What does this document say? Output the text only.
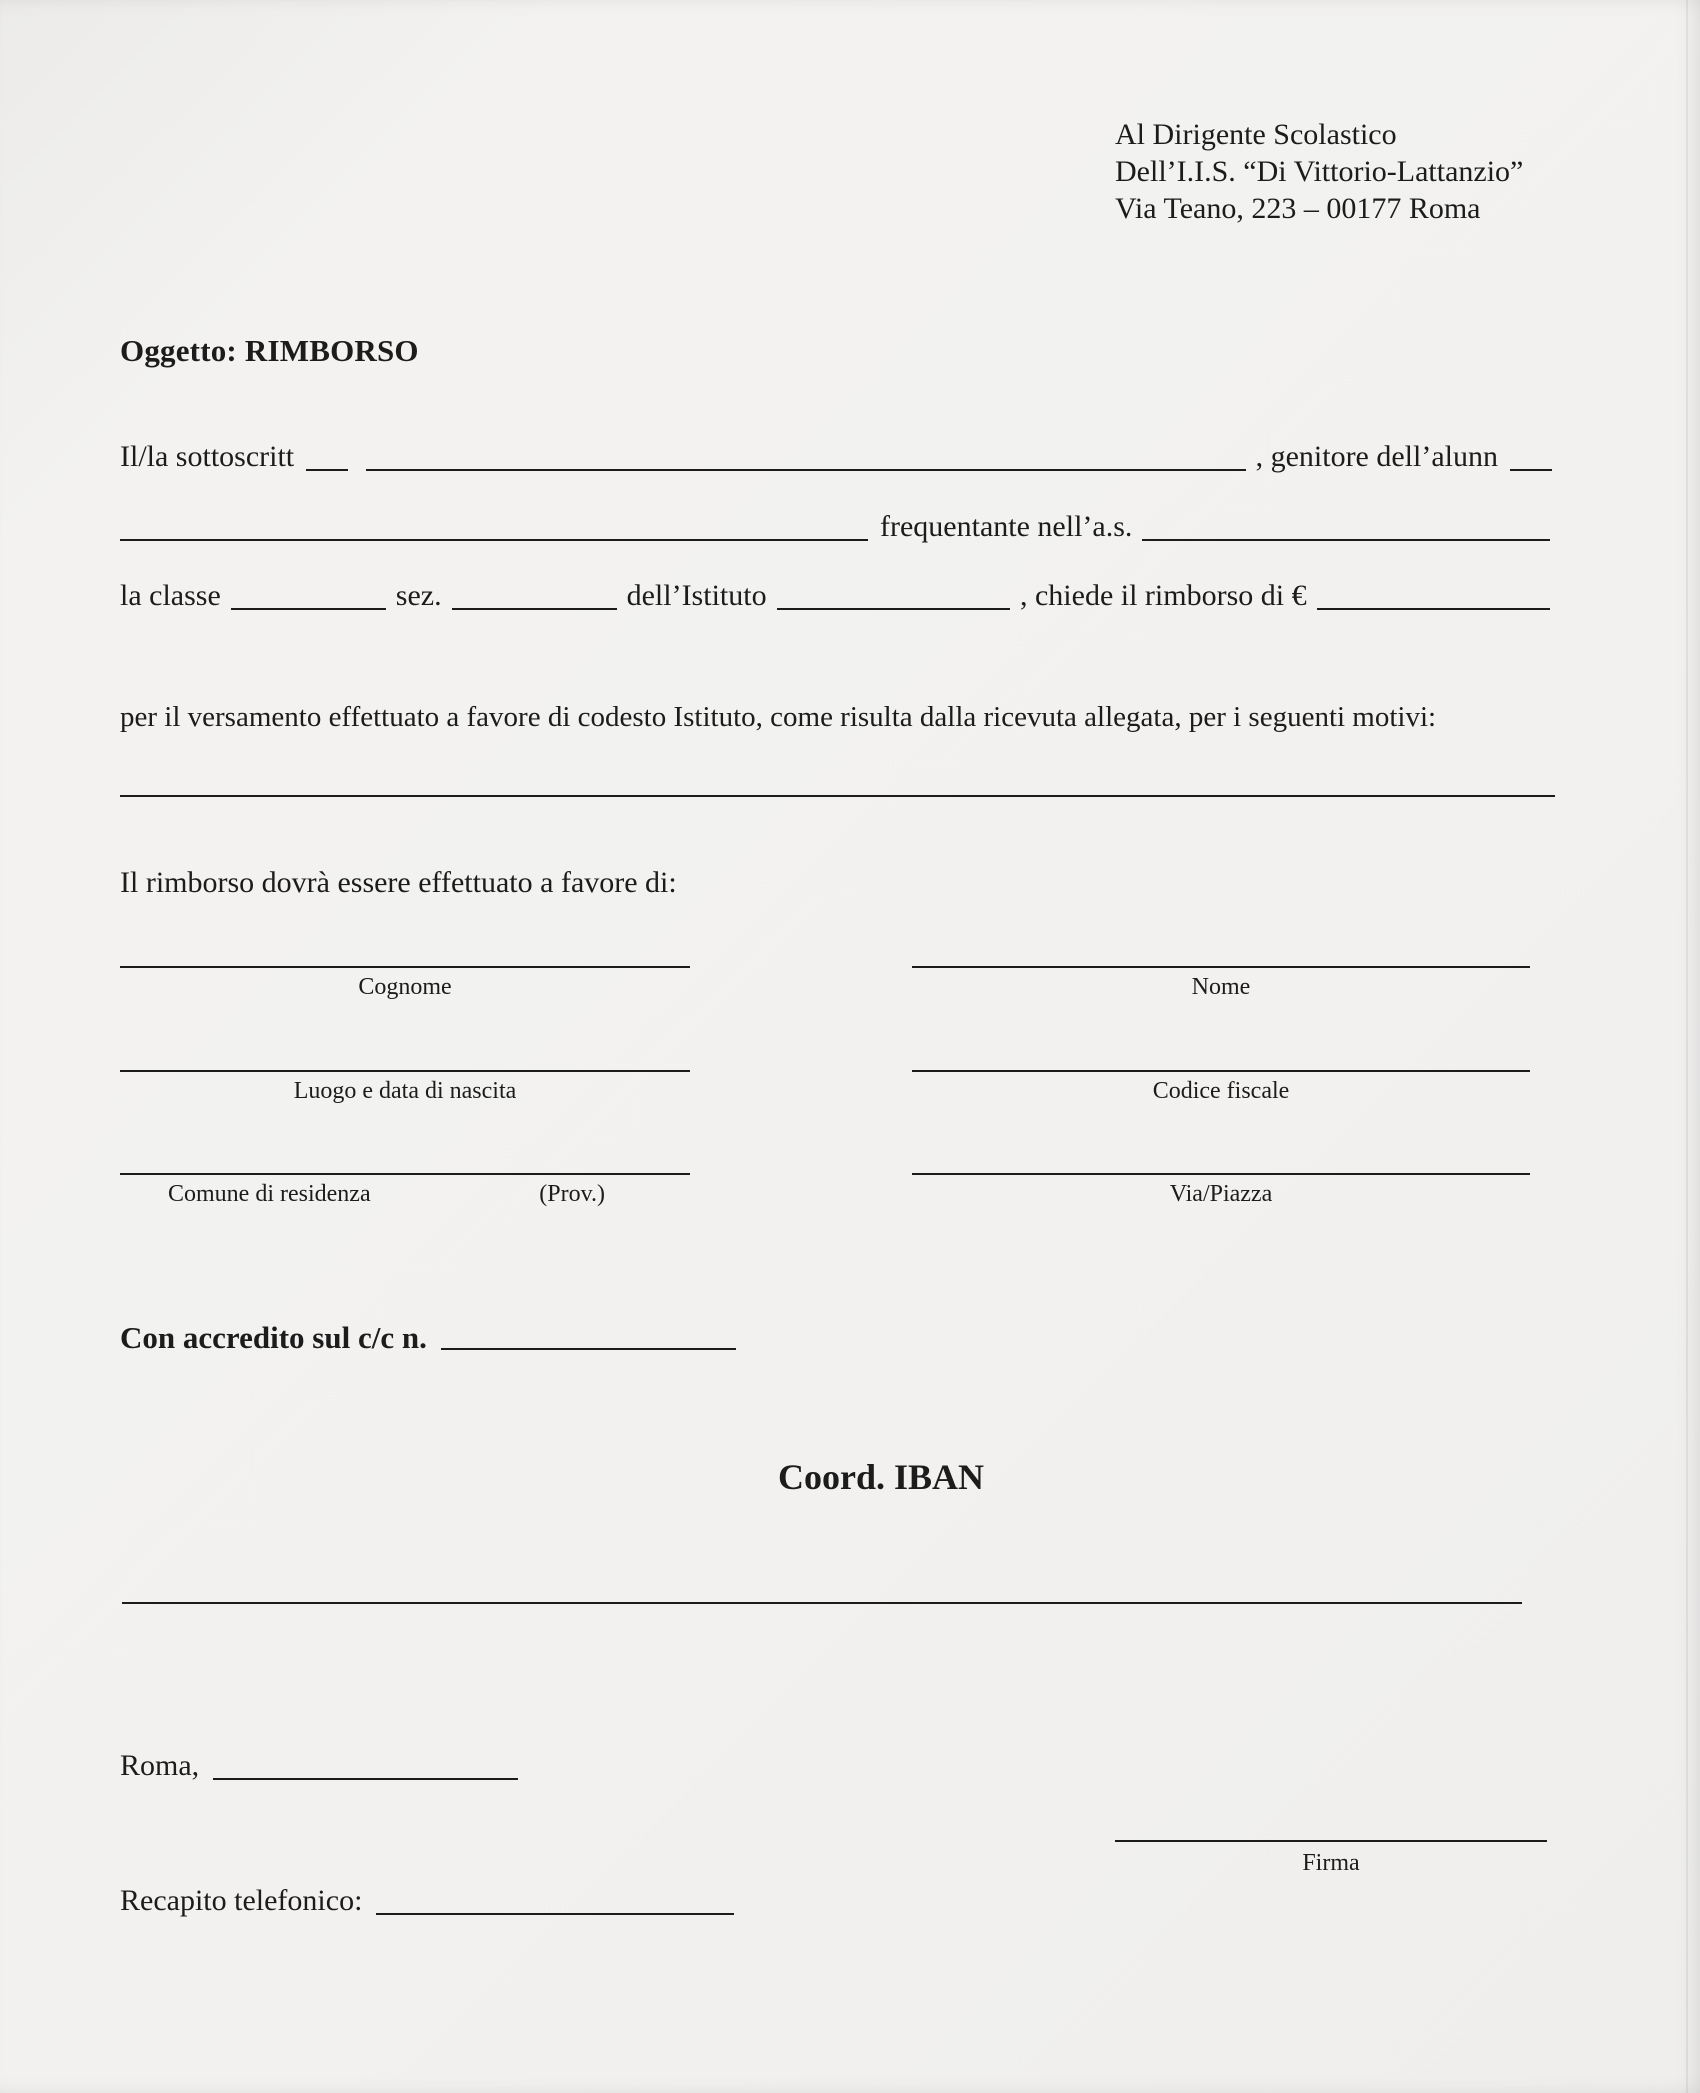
Al Dirigente Scolastico
Dell’I.I.S. “Di Vittorio-Lattanzio”
Via Teano, 223 – 00177 Roma
Oggetto: RIMBORSO
Il/la sottoscritt	, genitore dell’alunn
frequentante nell’a.s.
la classe	sez.	dell’Istituto	, chiede il rimborso di €
per il versamento effettuato a favore di codesto Istituto, come risulta dalla ricevuta allegata, per i seguenti motivi:
Il rimborso dovrà essere effettuato a favore di:
Cognome	Nome
Luogo e data di nascita	Codice fiscale
Comune di residenza	(Prov.)	Via/Piazza
Con accredito sul c/c n.
Coord. IBAN
Roma,
Firma
Recapito telefonico:
